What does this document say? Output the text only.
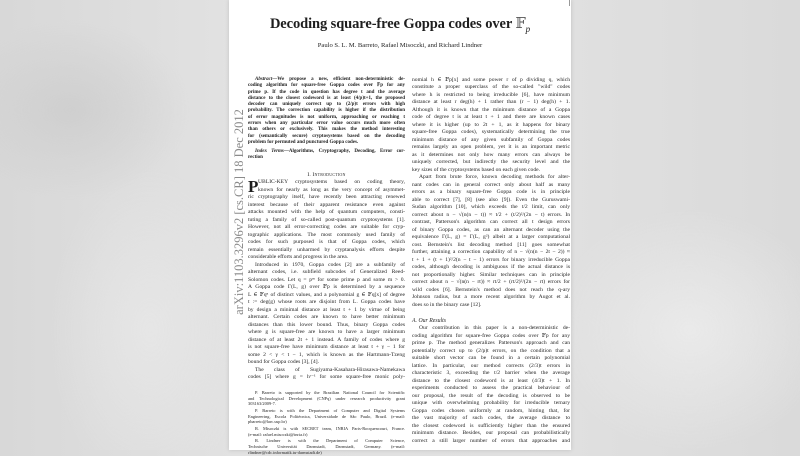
Decoding square-free Goppa codes over 𝔽$_p$
Paulo S. L. M. Barreto, Rafael Misoczki, and Richard Lindner
arXiv:1103.3296v2 [cs.CR] 18 Dec 2012
Abstract—We propose a new, efficient non-deterministic de-
coding algorithm for square-free Goppa codes over 𝔽p for any
prime p. If the code in question has degree t and the average
distance to the closest codeword is at least (4/p)t+1, the proposed
decoder can uniquely correct up to (2/p)t errors with high
probability. The correction capability is higher if the distribution
of error magnitudes is not uniform, approaching or reaching t
errors when any particular error value occurs much more often
than others or exclusively. This makes the method interesting
for (semantically secure) cryptosystems based on the decoding
problem for permuted and punctured Goppa codes.
Index Terms—Algorithms, Cryptography, Decoding, Error cor-
rection
I. Introduction
P UBLIC-KEY cryptosystems based on coding theory,
known for nearly as long as the very concept of asymmet-
ric cryptography itself, have recently been attracting renewed
interest because of their apparent resistance even against
attacks mounted with the help of quantum computers, consti-
tuting a family of so-called post-quantum cryptosystems [1].
However, not all error-correcting codes are suitable for cryp-
tographic applications. The most commonly used family of
codes for such purposed is that of Goppa codes, which
remain essentially unharmed by cryptanalysis efforts despite
considerable efforts and progress in the area.
Introduced in 1970, Goppa codes [2] are a subfamily of
alternant codes, i.e. subfield subcodes of Generalized Reed-
Solomon codes. Let q = pᵐ for some prime p and some m > 0.
A Goppa code Γ(L, g) over 𝔽p is determined by a sequence
L ∈ 𝔽qⁿ of distinct values, and a polynomial g ∈ 𝔽q[x] of degree
t := deg(g) whose roots are disjoint from L. Goppa codes have
by design a minimal distance at least t + 1 by virtue of being
alternant. Certain codes are known to have better minimum
distances than this lower bound. Thus, binary Goppa codes
where g is square-free are known to have a larger minimum
distance of at least 2t + 1 instead. A family of codes where g
is not square-free have minimum distance at least t + γ − 1 for
some 2 < γ < t − 1, which is known as the Hartmann-Tzeng
bound for Goppa codes [3], [4].
The class of Sugiyama-Kasahara-Hirasawa-Namekawa
codes [5] where g = hʳ⁻¹ for some square-free monic poly-
P. Barreto is supported by the Brazilian National Council for Scientific
and Technological Development (CNPq) under research productivity grant
303163/2009-7.
P. Barreto is with the Department of Computer and Digital Systems
Engineering, Escola Politécnica, Universidade de São Paulo, Brazil. (e-mail:
pbarreto@larc.usp.br)
R. Misoczki is with SECRET team, INRIA Paris-Rocquencourt, France.
(e-mail: rafael.misoczki@inria.fr)
R. Lindner is with the Department of Computer Science,
Technische Universität Darmstadt, Darmstadt, Germany. (e-mail:
rlindner@cdc.informatik.tu-darmstadt.de)
nomial h ∈ 𝔽p[x] and some power r of p dividing q, which
constitute a proper superclass of the so-called "wild" codes
where h is restricted to being irreducible [6], have minimum
distance at least r deg(h) + 1 rather than (r − 1) deg(h) + 1.
Although it is known that the minimum distance of a Goppa
code of degree t is at least t + 1 and there are known cases
where it is higher (up to 2t + 1, as it happens for binary
square-free Goppa codes), systematically determining the true
minimum distance of any given subfamily of Goppa codes
remains largely an open problem, yet it is an important metric
as it determines not only how many errors can always be
uniquely corrected, but indirectly the security level and the
key sizes of the cryptosystems based on each given code.
Apart from brute force, known decoding methods for alter-
nant codes can in general correct only about half as many
errors as a binary square-free Goppa code is in principle
able to correct [7], [8] (see also [9]). Even the Guruswami-
Sudan algorithm [10], which exceeds the t/2 limit, can only
correct about n − √(n(n − t)) ≈ t/2 + (t/2)²/(2n − t) errors. In
contrast, Patterson's algorithm can correct all t design errors
of binary Goppa codes, as can an alternant decoder using the
equivalence Γ(L, g) = Γ(L, g²) albeit at a larger computational
cost. Bernstein's list decoding method [11] goes somewhat
further, attaining a correction capability of n − √(n(n − 2t − 2)) ≈
t + 1 + (t + 1)²/2(n − t − 1) errors for binary irreducible Goppa
codes, although decoding is ambiguous if the actual distance is
not proportionally higher. Similar techniques can in principle
correct about n − √(n(n − rt)) ≈ rt/2 + (rt/2)²/(2n − rt) errors for
wild codes [6]. Bernstein's method does not reach the q-ary
Johnson radius, but a more recent algorithm by Augot et al.
does so in the binary case [12].
A. Our Results
Our contribution in this paper is a non-deterministic de-
coding algorithm for square-free Goppa codes over 𝔽p for any
prime p. The method generalizes Patterson's approach and can
potentially correct up to (2/p)t errors, on the condition that a
suitable short vector can be found in a certain polynomial
lattice. In particular, our method corrects (2/3)t errors in
characteristic 3, exceeding the t/2 barrier when the average
distance to the closest codeword is at least (4/3)t + 1. In
experiments conducted to assess the practical behaviour of
our proposal, the result of the decoding is observed to be
unique with overwhelming probability for irreducible ternary
Goppa codes chosen uniformly at random, hinting that, for
the vast majority of such codes, the average distance to
the closest codeword is sufficiently higher than the ensured
minimum distance. Besides, our proposal can probabilistically
correct a still larger number of errors that approaches and
